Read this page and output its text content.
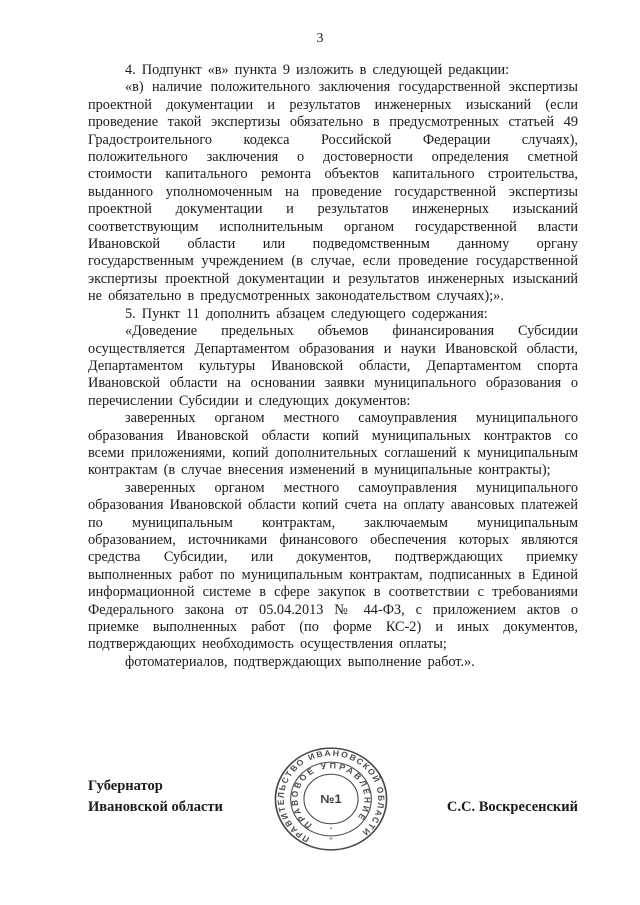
3

4. Подпункт «в» пункта 9 изложить в следующей редакции:

«в) наличие положительного заключения государственной экспертизы проектной документации и результатов инженерных изысканий (если проведение такой экспертизы обязательно в предусмотренных статьей 49 Градостроительного кодекса Российской Федерации случаях), положительного заключения о достоверности определения сметной стоимости капитального ремонта объектов капитального строительства, выданного уполномоченным на проведение государственной экспертизы проектной документации и результатов инженерных изысканий соответствующим исполнительным органом государственной власти Ивановской области или подведомственным данному органу государственным учреждением (в случае, если проведение государственной экспертизы проектной документации и результатов инженерных изысканий не обязательно в предусмотренных законодательством случаях);».

5. Пункт 11 дополнить абзацем следующего содержания:

«Доведение предельных объемов финансирования Субсидии осуществляется Департаментом образования и науки Ивановской области, Департаментом культуры Ивановской области, Департаментом спорта Ивановской области на основании заявки муниципального образования о перечислении Субсидии и следующих документов:

заверенных органом местного самоуправления муниципального образования Ивановской области копий муниципальных контрактов со всеми приложениями, копий дополнительных соглашений к муниципальным контрактам (в случае внесения изменений в муниципальные контракты);

заверенных органом местного самоуправления муниципального образования Ивановской области копий счета на оплату авансовых платежей по муниципальным контрактам, заключаемым муниципальным образованием, источниками финансового обеспечения которых являются средства Субсидии, или документов, подтверждающих приемку выполненных работ по муниципальным контрактам, подписанных в Единой информационной системе в сфере закупок в соответствии с требованиями Федерального закона от 05.04.2013 № 44-ФЗ, с приложением актов о приемке выполненных работ (по форме КС-2) и иных документов, подтверждающих необходимость осуществления оплаты;

фотоматериалов, подтверждающих выполнение работ.».

ПРАВИТЕЛЬСТВО ИВАНОВСКОЙ ОБЛАСТИ
ПРАВОВОЕ УПРАВЛЕНИЕ
*
+
№1
Губернатор
Ивановской области	С.С. Воскресенский
